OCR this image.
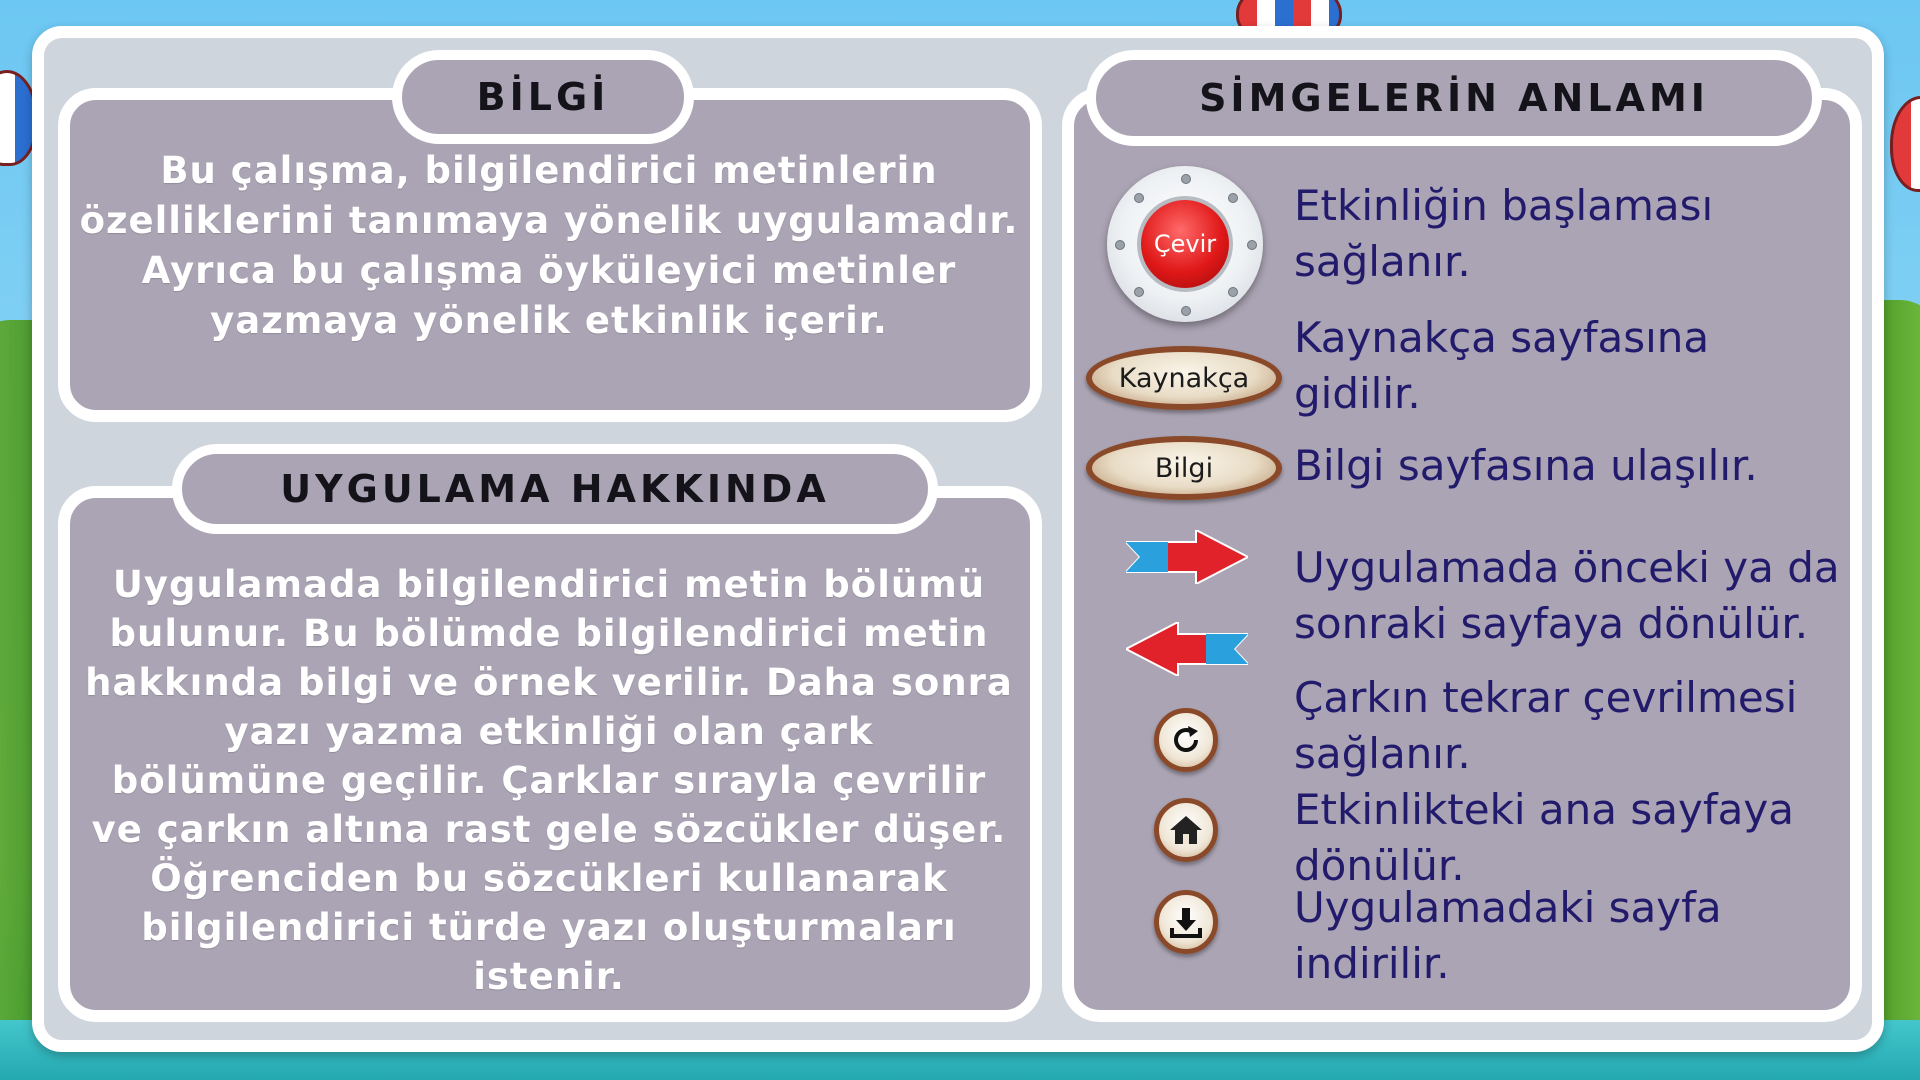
BİLGİ
Bu çalışma, bilgilendirici metinlerin
özelliklerini tanımaya yönelik uygulamadır.
Ayrıca bu çalışma öyküleyici metinler
yazmaya yönelik etkinlik içerir.
UYGULAMA HAKKINDA
Uygulamada bilgilendirici metin bölümü
bulunur. Bu bölümde bilgilendirici metin
hakkında bilgi ve örnek verilir. Daha sonra
yazı yazma etkinliği olan çark
bölümüne geçilir. Çarklar sırayla çevrilir
ve çarkın altına rast gele sözcükler düşer.
Öğrenciden bu sözcükleri kullanarak
bilgilendirici türde yazı oluşturmaları istenir.
SİMGELERİN ANLAMI
Çevir
Etkinliğin başlaması
sağlanır.
Kaynakça
Kaynakça sayfasına
gidilir.
Bilgi	Bilgi sayfasına ulaşılır.
Uygulamada önceki ya da
sonraki sayfaya dönülür.
Çarkın tekrar çevrilmesi
sağlanır.
Etkinlikteki ana sayfaya
dönülür.
Uygulamadaki sayfa
indirilir.
